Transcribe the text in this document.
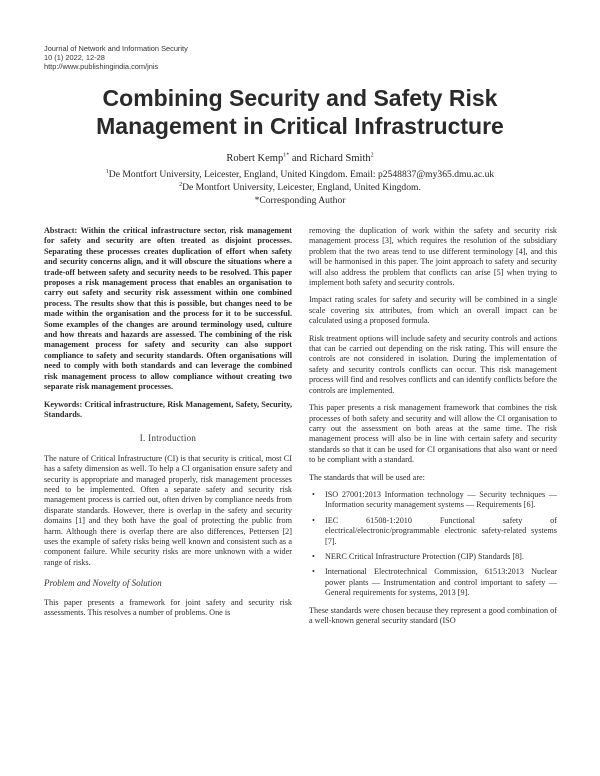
Journal of Network and Information Security
10 (1) 2022, 12-28
http://www.publishingindia.com/jnis
Combining Security and Safety Risk
Management in Critical Infrastructure
Robert Kemp$^{1*}$ and Richard Smith$^2$
$^1$De Montfort University, Leicester, England, United Kingdom. Email: p2548837@my365.dmu.ac.uk
$^2$De Montfort University, Leicester, England, United Kingdom.
*Corresponding Author

Abstract: Within the critical infrastructure sector, risk management for safety and security are often treated as disjoint processes. Separating these processes creates duplication of effort when safety and security concerns align, and it will obscure the situations where a trade-off between safety and security needs to be resolved. This paper proposes a risk management process that enables an organisation to carry out safety and security risk assessment within one combined process. The results show that this is possible, but changes need to be made within the organisation and the process for it to be successful. Some examples of the changes are around terminology used, culture and how threats and hazards are assessed. The combining of the risk management process for safety and security can also support compliance to safety and security standards. Often organisations will need to comply with both standards and can leverage the combined risk management process to allow compliance without creating two separate risk management processes.

Keywords: Critical infrastructure, Risk Management, Safety, Security, Standards.

I. Introduction

The nature of Critical Infrastructure (CI) is that security is critical, most CI has a safety dimension as well. To help a CI organisation ensure safety and security is appropriate and managed properly, risk management processes need to be implemented. Often a separate safety and security risk management process is carried out, often driven by compliance needs from disparate standards. However, there is overlap in the safety and security domains [1] and they both have the goal of protecting the public from harm. Although there is overlap there are also differences, Pettersen [2] uses the example of safety risks being well known and consistent such as a component failure. While security risks are more unknown with a wider range of risks.

Problem and Novelty of Solution

This paper presents a framework for joint safety and security risk assessments. This resolves a number of problems. One is

removing the duplication of work within the safety and security risk management process [3], which requires the resolution of the subsidiary problem that the two areas tend to use different terminology [4], and this will be harmonised in this paper. The joint approach to safety and security will also address the problem that conflicts can arise [5] when trying to implement both safety and security controls.

Impact rating scales for safety and security will be combined in a single scale covering six attributes, from which an overall impact can be calculated using a proposed formula.

Risk treatment options will include safety and security controls and actions that can be carried out depending on the risk rating. This will ensure the controls are not considered in isolation. During the implementation of safety and security controls conflicts can occur. This risk management process will find and resolves conflicts and can identify conflicts before the controls are implemented.

This paper presents a risk management framework that combines the risk processes of both safety and security and will allow the CI organisation to carry out the assessment on both areas at the same time. The risk management process will also be in line with certain safety and security standards so that it can be used for CI organisations that also want or need to be compliant with a standard.

The standards that will be used are:

• ISO 27001:2013 Information technology — Security techniques — Information security management systems — Requirements [6].
• IEC 61508-1:2010 Functional safety of electrical/electronic/programmable electronic safety-related systems [7].
• NERC Critical Infrastructure Protection (CIP) Standards [8].
• International Electrotechnical Commission, 61513:2013 Nuclear power plants — Instrumentation and control important to safety — General requirements for systems, 2013 [9].

These standards were chosen because they represent a good combination of a well-known general security standard (ISO
